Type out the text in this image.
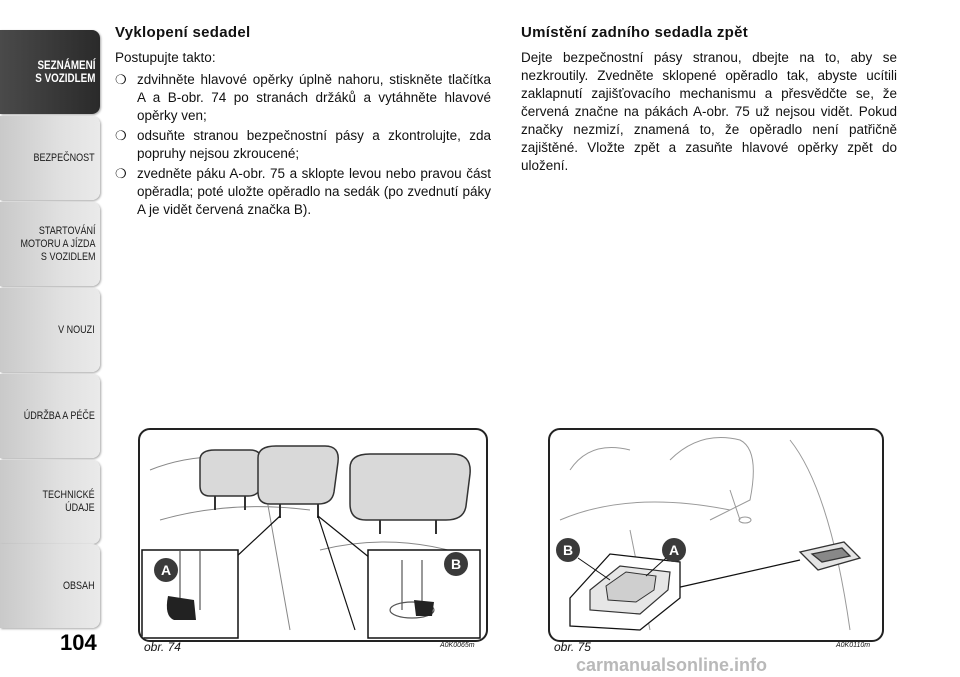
SEZNÁMENÍ
S VOZIDLEM
BEZPEČNOST
STARTOVÁNÍ
MOTORU A JÍZDA
S VOZIDLEM
V NOUZI
ÚDRŽBA A PÉČE
TECHNICKÉ
ÚDAJE
OBSAH
104
Vyklopení sedadel

Postupujte takto:

❍ zdvihněte hlavové opěrky úplně nahoru, stiskněte tlačítka A a B-obr. 74 po stranách držáků a vytáhněte hlavové opěrky ven;
❍ odsuňte stranou bezpečnostní pásy a zkontrolujte, zda popruhy nejsou zkroucené;
❍ zvedněte páku A-obr. 75 a sklopte levou nebo pravou část opěradla; poté uložte opěradlo na sedák (po zvednutí páky A je vidět červená značka B).
Umístění zadního sedadla zpět

Dejte bezpečnostní pásy stranou, dbejte na to, aby se nezkroutily. Zvedněte sklopené opěradlo tak, abyste ucítili zaklapnutí zajišťovacího mechanismu a přesvědčte se, že červená značne na pákách A-obr. 75 už nejsou vidět. Pokud značky nezmizí, znamená to, že opěradlo není patřičně zajištěné. Vložte zpět a zasuňte hlavové opěrky zpět do uložení.

A	B
obr. 74	A0K0065m
B	A
obr. 75	A0K0110m
carmanualsonline.info
